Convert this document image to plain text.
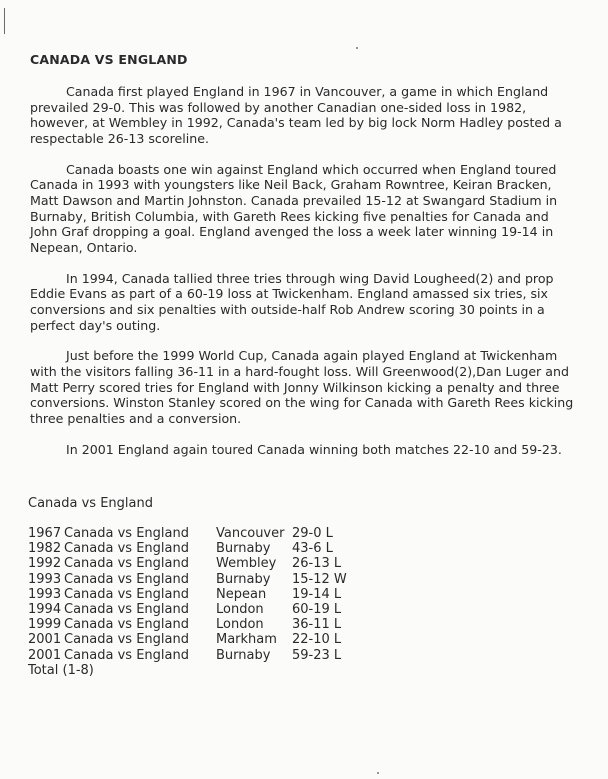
CANADA VS ENGLAND

Canada first played England in 1967 in Vancouver, a game in which England prevailed 29-0. This was followed by another Canadian one-sided loss in 1982, however, at Wembley in 1992, Canada's team led by big lock Norm Hadley posted a respectable 26-13 scoreline.

Canada boasts one win against England which occurred when England toured Canada in 1993 with youngsters like Neil Back, Graham Rowntree, Keiran Bracken, Matt Dawson and Martin Johnston. Canada prevailed 15-12 at Swangard Stadium in Burnaby, British Columbia, with Gareth Rees kicking five penalties for Canada and John Graf dropping a goal. England avenged the loss a week later winning 19-14 in Nepean, Ontario.

In 1994, Canada tallied three tries through wing David Lougheed(2) and prop Eddie Evans as part of a 60-19 loss at Twickenham. England amassed six tries, six conversions and six penalties with outside-half Rob Andrew scoring 30 points in a perfect day's outing.

Just before the 1999 World Cup, Canada again played England at Twickenham with the visitors falling 36-11 in a hard-fought loss. Will Greenwood(2),Dan Luger and Matt Perry scored tries for England with Jonny Wilkinson kicking a penalty and three conversions. Winston Stanley scored on the wing for Canada with Gareth Rees kicking three penalties and a conversion.

In 2001 England again toured Canada winning both matches 22-10 and 59-23.

Canada vs England
1967 Canada vs England	Vancouver 29-0 L
1982 Canada vs England	Burnaby	43-6 L
1992 Canada vs England	Wembley	26-13 L
1993 Canada vs England	Burnaby	15-12 W
1993 Canada vs England	Nepean	19-14 L
1994 Canada vs England	London	60-19 L
1999 Canada vs England	London	36-11 L
2001 Canada vs England	Markham	22-10 L
2001 Canada vs England	Burnaby	59-23 L
Total (1-8)
